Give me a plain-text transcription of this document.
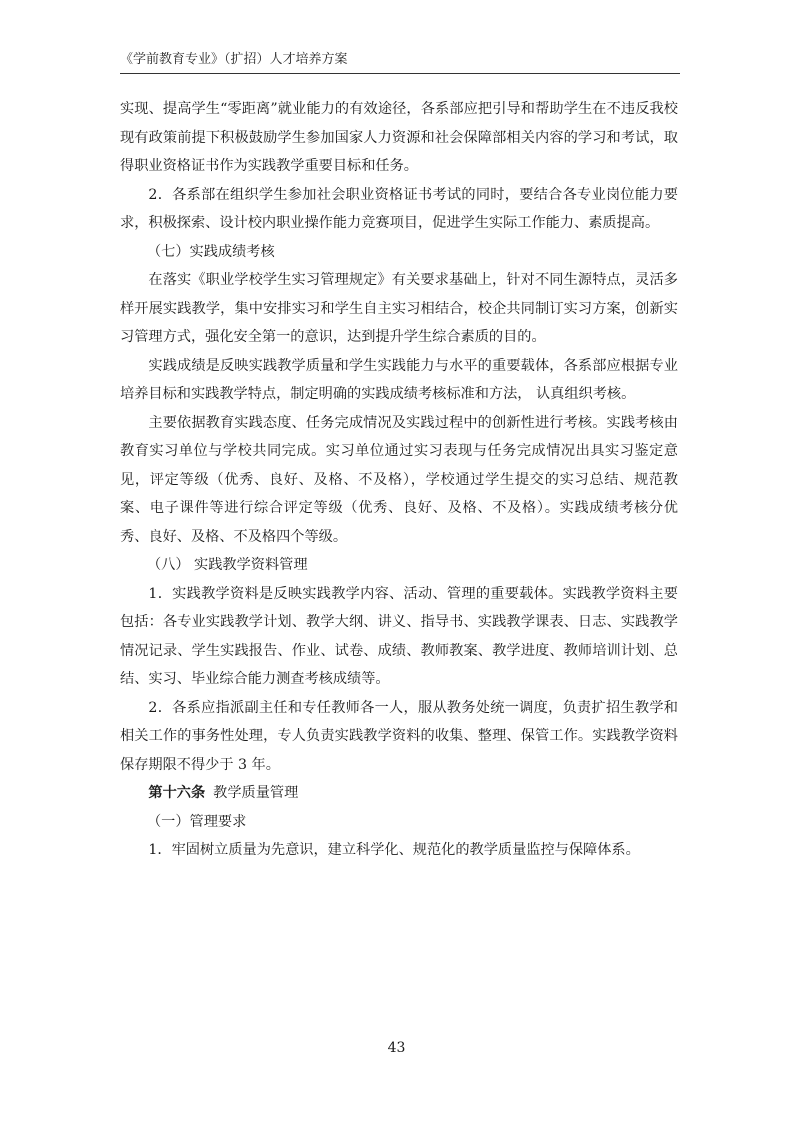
《学前教育专业》（扩招）人才培养方案

实现、提高学生“零距离”就业能力的有效途径，各系部应把引导和帮助学生在不违反我校现有政策前提下积极鼓励学生参加国家人力资源和社会保障部相关内容的学习和考试，取得职业资格证书作为实践教学重要目标和任务。

2．各系部在组织学生参加社会职业资格证书考试的同时，要结合各专业岗位能力要求，积极探索、设计校内职业操作能力竞赛项目，促进学生实际工作能力、素质提高。

（七）实践成绩考核

在落实《职业学校学生实习管理规定》有关要求基础上，针对不同生源特点，灵活多样开展实践教学，集中安排实习和学生自主实习相结合，校企共同制订实习方案，创新实习管理方式，强化安全第一的意识，达到提升学生综合素质的目的。

实践成绩是反映实践教学质量和学生实践能力与水平的重要载体，各系部应根据专业培养目标和实践教学特点，制定明确的实践成绩考核标准和方法， 认真组织考核。

主要依据教育实践态度、任务完成情况及实践过程中的创新性进行考核。实践考核由教育实习单位与学校共同完成。实习单位通过实习表现与任务完成情况出具实习鉴定意见，评定等级（优秀、良好、及格、不及格），学校通过学生提交的实习总结、规范教案、电子课件等进行综合评定等级（优秀、良好、及格、不及格）。实践成绩考核分优秀、良好、及格、不及格四个等级。

（八） 实践教学资料管理

1．实践教学资料是反映实践教学内容、活动、管理的重要载体。实践教学资料主要包括：各专业实践教学计划、教学大纲、讲义、指导书、实践教学课表、日志、实践教学情况记录、学生实践报告、作业、试卷、成绩、教师教案、教学进度、教师培训计划、总结、实习、毕业综合能力测查考核成绩等。

2．各系应指派副主任和专任教师各一人，服从教务处统一调度，负责扩招生教学和相关工作的事务性处理，专人负责实践教学资料的收集、整理、保管工作。实践教学资料保存期限不得少于 3 年。

第十六条 教学质量管理

（一）管理要求

1．牢固树立质量为先意识，建立科学化、规范化的教学质量监控与保障体系。

43
